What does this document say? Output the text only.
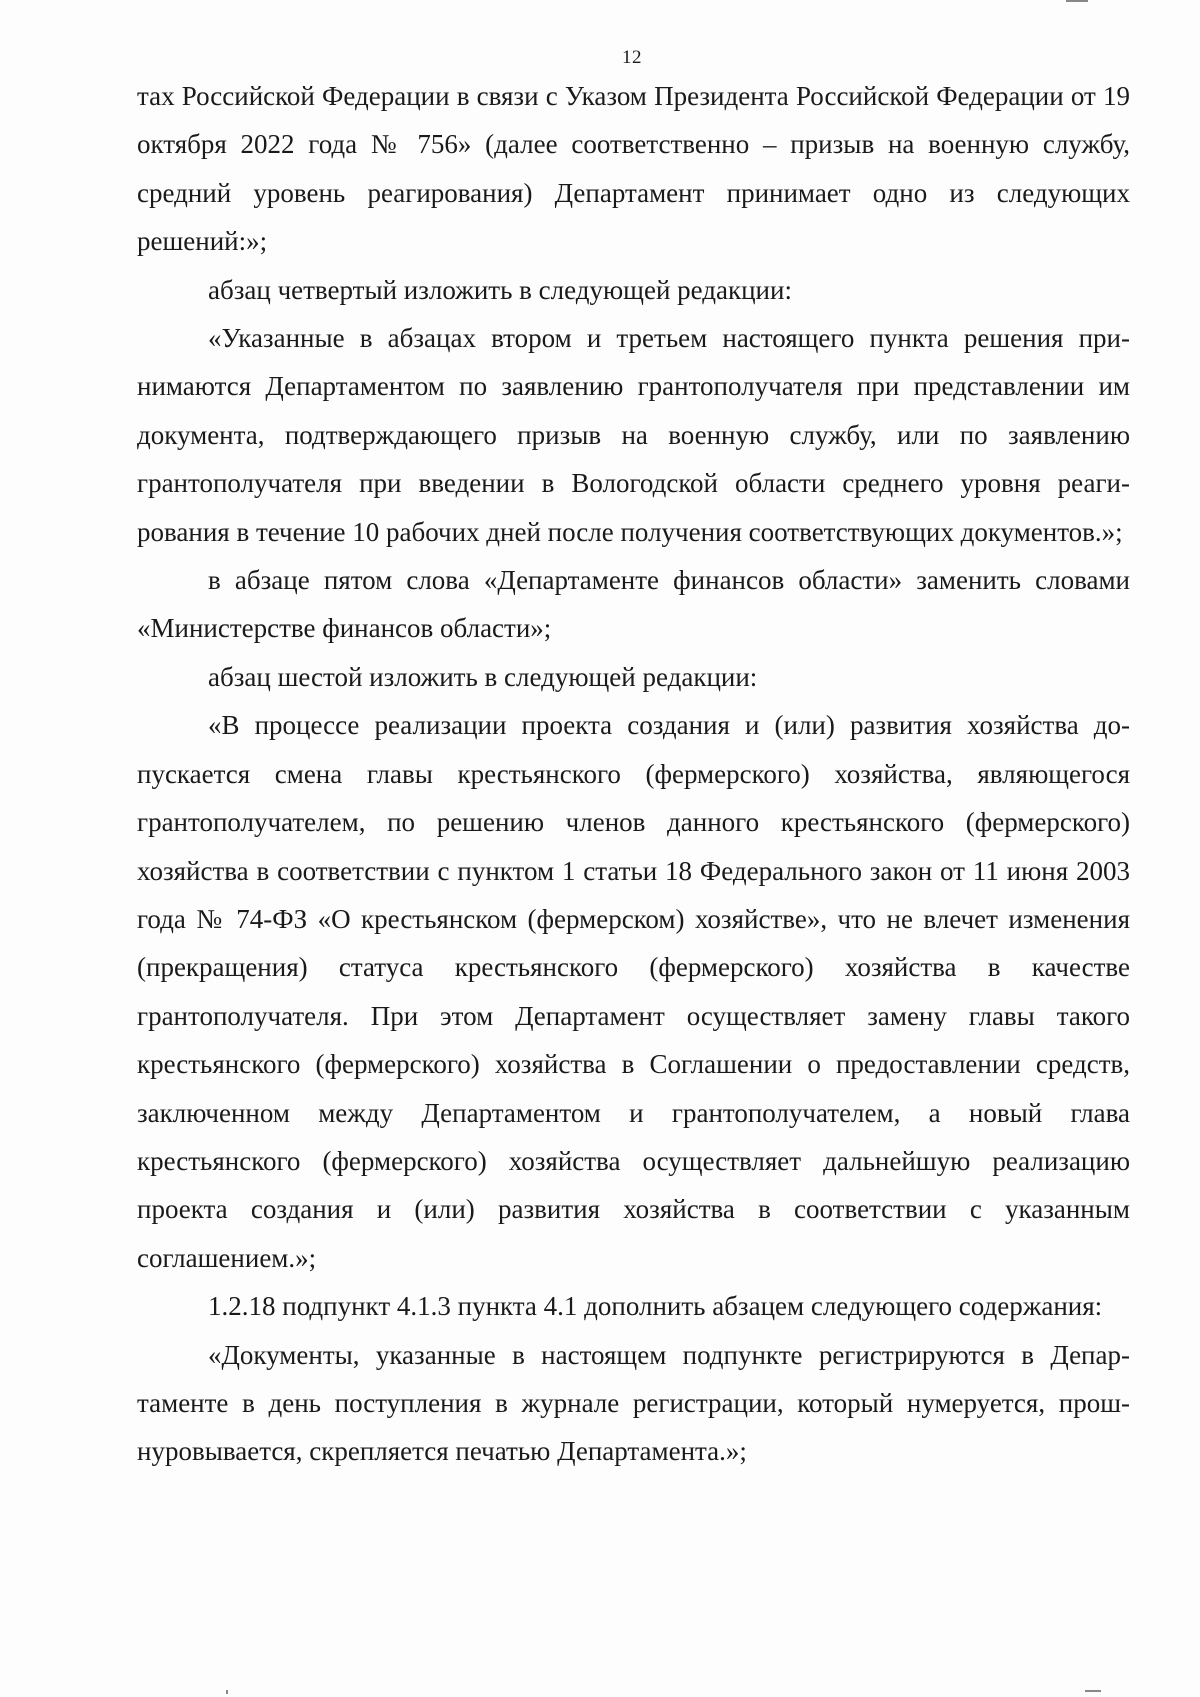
12

тах Российской Федерации в связи с Указом Президента Российской Федерации от 19 октября 2022 года № 756» (далее соответственно – призыв на военную службу, средний уровень реагирования) Департамент принимает одно из следующих решений:»;

абзац четвертый изложить в следующей редакции:

«Указанные в абзацах втором и третьем настоящего пункта решения принимаются Департаментом по заявлению грантополучателя при представлении им документа, подтверждающего призыв на военную службу, или по заявлению грантополучателя при введении в Вологодской области среднего уровня реагирования в течение 10 рабочих дней после получения соответствующих документов.»;

в абзаце пятом слова «Департаменте финансов области» заменить словами «Министерстве финансов области»;

абзац шестой изложить в следующей редакции:

«В процессе реализации проекта создания и (или) развития хозяйства допускается смена главы крестьянского (фермерского) хозяйства, являющегося грантополучателем, по решению членов данного крестьянского (фермерского) хозяйства в соответствии с пунктом 1 статьи 18 Федерального закон от 11 июня 2003 года № 74-ФЗ «О крестьянском (фермерском) хозяйстве», что не влечет изменения (прекращения) статуса крестьянского (фермерского) хозяйства в качестве грантополучателя. При этом Департамент осуществляет замену главы такого крестьянского (фермерского) хозяйства в Соглашении о предоставлении средств, заключенном между Департаментом и грантополучателем, а новый глава крестьянского (фермерского) хозяйства осуществляет дальнейшую реализацию проекта создания и (или) развития хозяйства в соответствии с указанным соглашением.»;

1.2.18 подпункт 4.1.3 пункта 4.1 дополнить абзацем следующего содержания:

«Документы, указанные в настоящем подпункте регистрируются в Департаменте в день поступления в журнале регистрации, который нумеруется, прошнуровывается, скрепляется печатью Департамента.»;
